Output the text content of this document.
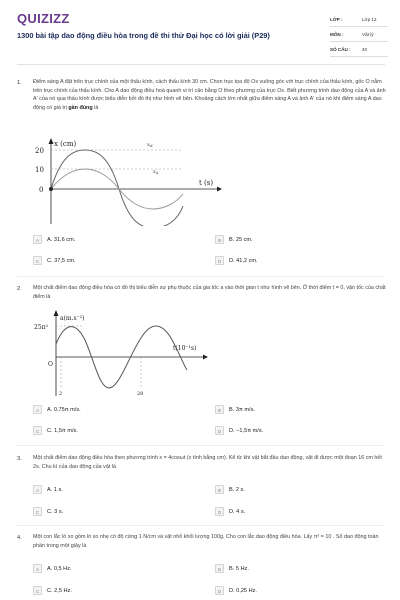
QUIZIZZ
1300 bài tập dao động điều hòa trong đề thi thử Đại học có lời giải (P29)
LỚP :	Lớp 12
MÔN :	Vật lý
SỐ CÂU : 40
1. Điểm sáng A đặt trên trục chính của một thấu kính, cách thấu kính 30 cm. Chọn trục tọa độ Ox vuông góc với trục chính của thấu kính, gốc O nằm trên trục chính của thấu kính. Cho A dao động điều hoà quanh vị trí cân bằng O theo phương của trục Ox. Biết phương trình dao động của A và ảnh A' của nó qua thấu kính được biểu diễn bởi đồ thị như hình vẽ bên. Khoảng cách lớn nhất giữa điểm sáng A và ảnh A' của nó khi điểm sáng A dao động có giá trị gần đúng là
x (cm)
t (s)
20
10
0
$x_{A'}$
$x_A$
A	A. 31,6 cm.	B	B. 25 cm.
C	C. 37,5 cm.	D	D. 41,2 cm.
2. Một chất điểm dao động điều hòa có đồ thị biểu diễn sự phụ thuộc của gia tốc a vào thời gian t như hình vẽ bên. Ở thời điểm t = 0, vận tốc của chất điểm là
a(m.s⁻²)
t(10⁻¹s)
25π²
O
2	28
A	A. 0,75π m/s.	B	B. 3π m/s.
C	C. 1,5π m/s.	D	D. −1,5π m/s.
3. Một chất điểm dao động điều hòa theo phương trình x = 4cosωt (x tính bằng cm). Kể từ khi vật bắt đầu dao động, vật đi được một đoạn 16 cm hết 2s. Chu kì của dao động của vật là
A	A. 1 s.	B	B. 2 s.
C	C. 3 s.	D	D. 4 s.
4. Một con lắc lò xo gồm lò xo nhẹ có độ cứng 1 N/cm và vật nhỏ khối lượng 100g. Cho con lắc dao động điều hòa. Lấy π² = 10 . Số dao động toàn phần trong một giây là
A	A. 0,5 Hz.	B	B. 5 Hz.
C	C. 2,5 Hz.	D	D. 0,25 Hz.
